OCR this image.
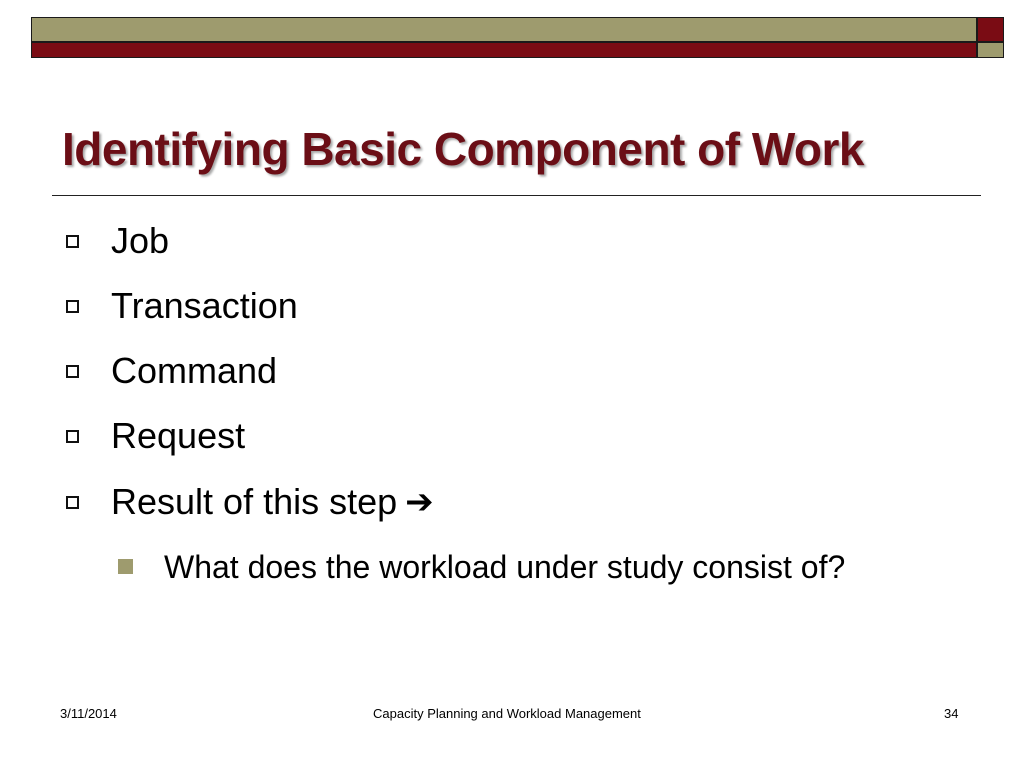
Identifying Basic Component of Work
Job
Transaction
Command
Request
Result of this step ➔
What does the workload under study consist of?
3/11/2014	Capacity Planning and Workload Management	34
